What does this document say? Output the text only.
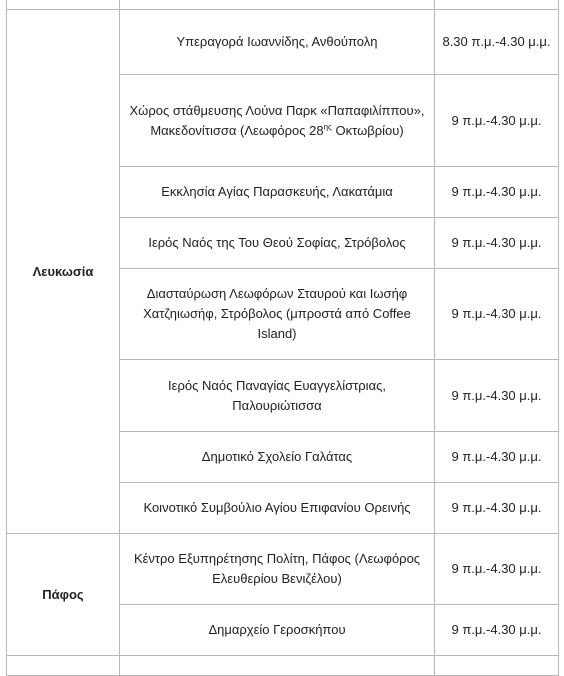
Λευκωσία	Υπεραγορά Ιωαννίδης, Ανθούπολη	8.30 π.μ.-4.30 μ.μ.
	Χώρος στάθμευσης Λούνα Παρκ «Παπαφιλίππου», Μακεδονίτισσα (Λεωφόρος $28^{\eta\varsigma}$ Οκτωβρίου)	9 π.μ.-4.30 μ.μ.
	Εκκλησία Αγίας Παρασκευής, Λακατάμια	9 π.μ.-4.30 μ.μ.
	Ιερός Ναός της Του Θεού Σοφίας, Στρόβολος	9 π.μ.-4.30 μ.μ.
	Διασταύρωση Λεωφόρων Σταυρού και Ιωσήφ Χατζηιωσήφ, Στρόβολος (μπροστά από Coffee Island)	9 π.μ.-4.30 μ.μ.
	Ιερός Ναός Παναγίας Ευαγγελίστριας, Παλουριώτισσα	9 π.μ.-4.30 μ.μ.
	Δημοτικό Σχολείο Γαλάτας	9 π.μ.-4.30 μ.μ.
	Κοινοτικό Συμβούλιο Αγίου Επιφανίου Ορεινής	9 π.μ.-4.30 μ.μ.
Πάφος	Κέντρο Εξυπηρέτησης Πολίτη, Πάφος (Λεωφόρος Ελευθερίου Βενιζέλου)	9 π.μ.-4.30 μ.μ.
	Δημαρχείο Γεροσκήπου	9 π.μ.-4.30 μ.μ.
